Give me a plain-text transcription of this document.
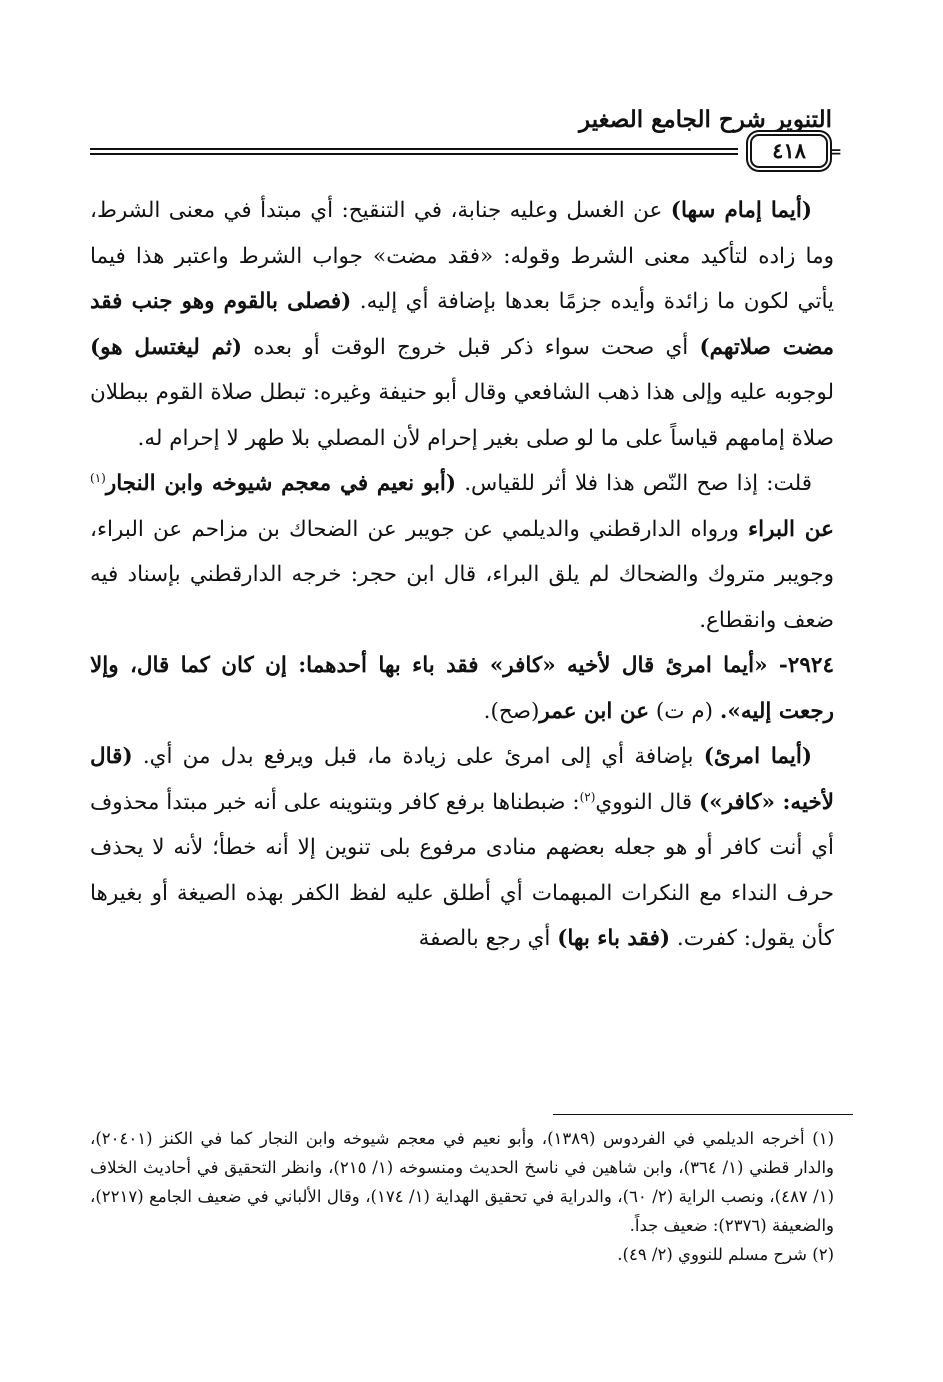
التنوير شرح الجامع الصغير
٤١٨	=

(أيما إمام سها) عن الغسل وعليه جنابة، في التنقيح: أي مبتدأ في معنى الشرط، وما زاده لتأكيد معنى الشرط وقوله: «فقد مضت» جواب الشرط واعتبر هذا فيما يأتي لكون ما زائدة وأيده جزمًا بعدها بإضافة أي إليه. (فصلى بالقوم وهو جنب فقد مضت صلاتهم) أي صحت سواء ذكر قبل خروج الوقت أو بعده (ثم ليغتسل هو) لوجوبه عليه وإلى هذا ذهب الشافعي وقال أبو حنيفة وغيره: تبطل صلاة القوم ببطلان صلاة إمامهم قياساً على ما لو صلى بغير إحرام لأن المصلي بلا طهر لا إحرام له.

قلت: إذا صح النّص هذا فلا أثر للقياس. (أبو نعيم في معجم شيوخه وابن النجار$^{(١)}$ عن البراء ورواه الدارقطني والديلمي عن جويبر عن الضحاك بن مزاحم عن البراء، وجويبر متروك والضحاك لم يلق البراء، قال ابن حجر: خرجه الدارقطني بإسناد فيه ضعف وانقطاع.

٢٩٢٤- «أيما امرئ قال لأخيه «كافر» فقد باء بها أحدهما: إن كان كما قال، وإلا رجعت إليه». (م ت) عن ابن عمر(صح).

(أيما امرئ) بإضافة أي إلى امرئ على زيادة ما، قبل ويرفع بدل من أي. (قال لأخيه: «كافر») قال النووي$^{(٢)}$: ضبطناها برفع كافر وبتنوينه على أنه خبر مبتدأ محذوف أي أنت كافر أو هو جعله بعضهم منادى مرفوع بلى تنوين إلا أنه خطأ؛ لأنه لا يحذف حرف النداء مع النكرات المبهمات أي أطلق عليه لفظ الكفر بهذه الصيغة أو بغيرها كأن يقول: كفرت. (فقد باء بها) أي رجع بالصفة

(١) أخرجه الديلمي في الفردوس (١٣٨٩)، وأبو نعيم في معجم شيوخه وابن النجار كما في الكنز (٢٠٤٠١)، والدار قطني (١/ ٣٦٤)، وابن شاهين في ناسخ الحديث ومنسوخه (١/ ٢١٥)، وانظر التحقيق في أحاديث الخلاف (١/ ٤٨٧)، ونصب الراية (٢/ ٦٠)، والدراية في تحقيق الهداية (١/ ١٧٤)، وقال الألباني في ضعيف الجامع (٢٢١٧)، والضعيفة (٢٣٧٦): ضعيف جداً.

(٢) شرح مسلم للنووي (٢/ ٤٩).
